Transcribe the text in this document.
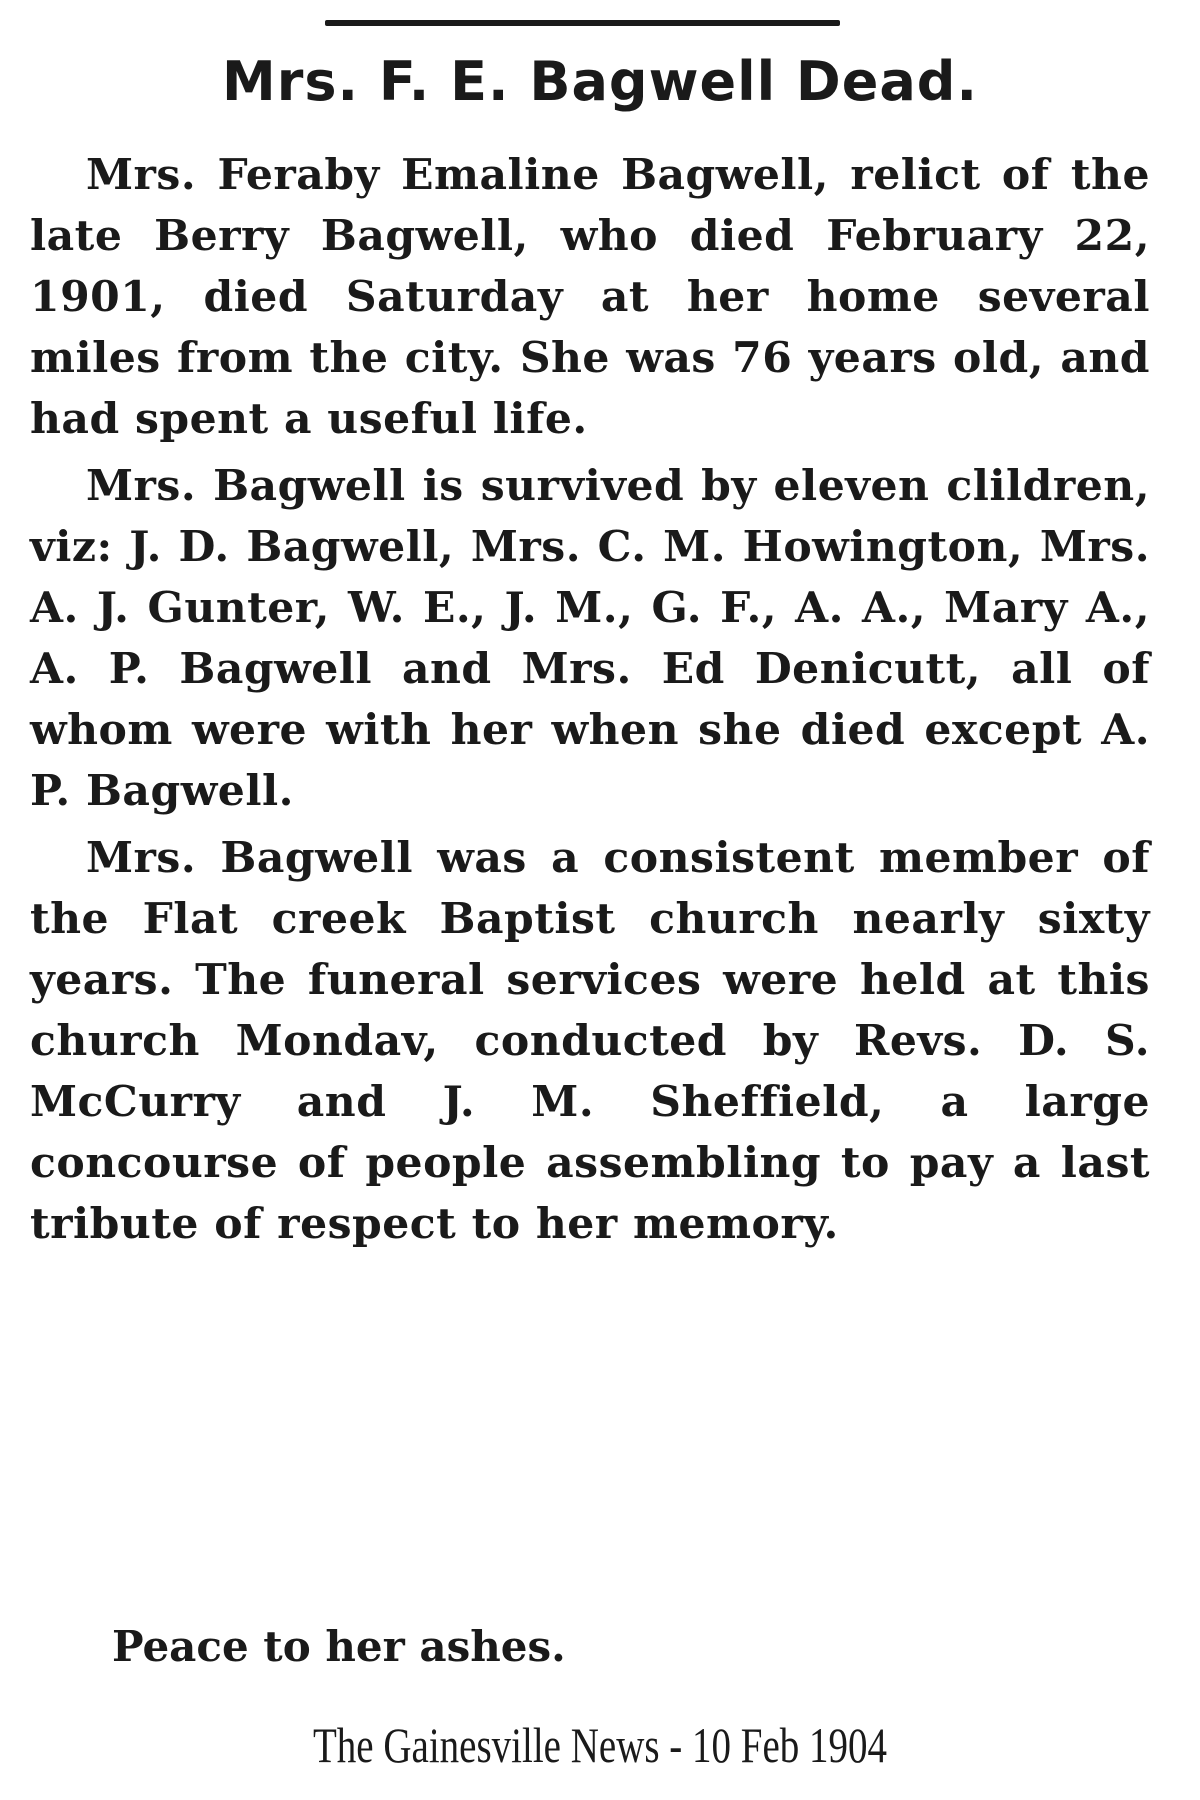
Mrs. F. E. Bagwell Dead.

Mrs. Feraby Emaline Bagwell, relict of the late Berry Bagwell, who died February 22, 1901, died Saturday at her home several miles from the city. She was 76 years old, and had spent a useful life.

Mrs. Bagwell is survived by eleven clildren, viz: J. D. Bagwell, Mrs. C. M. Howington, Mrs. A. J. Gunter, W. E., J. M., G. F., A. A., Mary A., A. P. Bagwell and Mrs. Ed Denicutt, all of whom were with her when she died except A. P. Bagwell.

Mrs. Bagwell was a consistent member of the Flat creek Baptist church nearly sixty years. The funeral services were held at this church Mondav, conducted by Revs. D. S. McCurry and J. M. Sheffield, a large concourse of people assembling to pay a last tribute of respect to her memory.

Peace to her ashes.

The Gainesville News - 10 Feb 1904
